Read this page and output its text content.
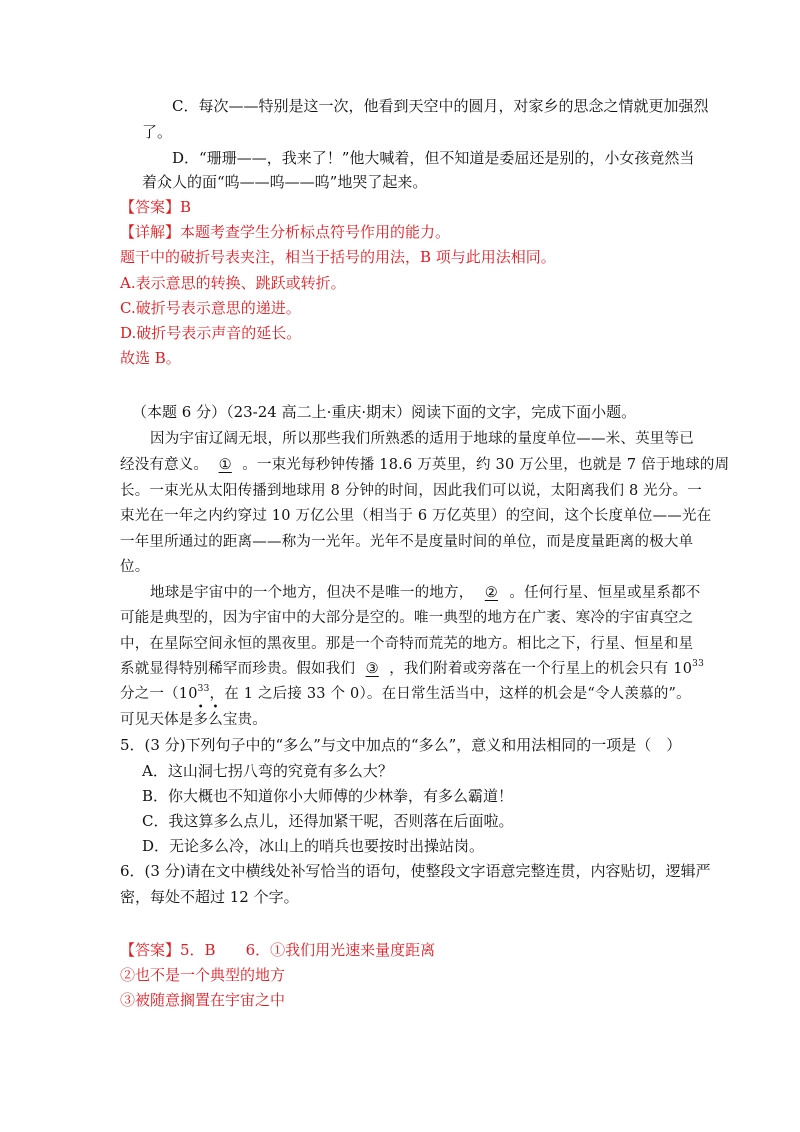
C．每次——特别是这一次，他看到天空中的圆月，对家乡的思念之情就更加强烈
了。
D．“珊珊——，我来了！”他大喊着，但不知道是委屈还是别的，小女孩竟然当
着众人的面“呜——呜——呜”地哭了起来。
【答案】B
【详解】本题考查学生分析标点符号作用的能力。
题干中的破折号表夹注，相当于括号的用法，B 项与此用法相同。
A.表示意思的转换、跳跃或转折。
C.破折号表示意思的递进。
D.破折号表示声音的延长。
故选 B。
（本题 6 分）（23-24 高二上·重庆·期末）阅读下面的文字，完成下面小题。
因为宇宙辽阔无垠，所以那些我们所熟悉的适用于地球的量度单位——米、英里等已
经没有意义。 ① 。一束光每秒钟传播 18.6 万英里，约 30 万公里，也就是 7 倍于地球的周
长。一束光从太阳传播到地球用 8 分钟的时间，因此我们可以说，太阳离我们 8 光分。一
束光在一年之内约穿过 10 万亿公里（相当于 6 万亿英里）的空间，这个长度单位——光在
一年里所通过的距离——称为一光年。光年不是度量时间的单位，而是度量距离的极大单
位。
地球是宇宙中的一个地方，但决不是唯一的地方， ② 。任何行星、恒星或星系都不
可能是典型的，因为宇宙中的大部分是空的。唯一典型的地方在广袤、寒冷的宇宙真空之
中，在星际空间永恒的黑夜里。那是一个奇特而荒芜的地方。相比之下，行星、恒星和星
系就显得特别稀罕而珍贵。假如我们 ③ ，我们附着或旁落在一个行星上的机会只有 $10^{33}$
分之一（$10^{33}$，在 1 之后接 33 个 0）。在日常生活当中，这样的机会是“令人羡慕的”。
可见天体是多么宝贵。
5．(3 分)下列句子中的“多么”与文中加点的“多么”，意义和用法相同的一项是（　）
A．这山洞七拐八弯的究竟有多么大？
B．你大概也不知道你小大师傅的少林拳，有多么霸道！
C．我这算多么点儿，还得加紧干呢，否则落在后面啦。
D．无论多么冷，冰山上的哨兵也要按时出操站岗。
6．(3 分)请在文中横线处补写恰当的语句，使整段文字语意完整连贯，内容贴切，逻辑严
密，每处不超过 12 个字。
【答案】5．B 6．①我们用光速来量度距离
②也不是一个典型的地方
③被随意搁置在宇宙之中
